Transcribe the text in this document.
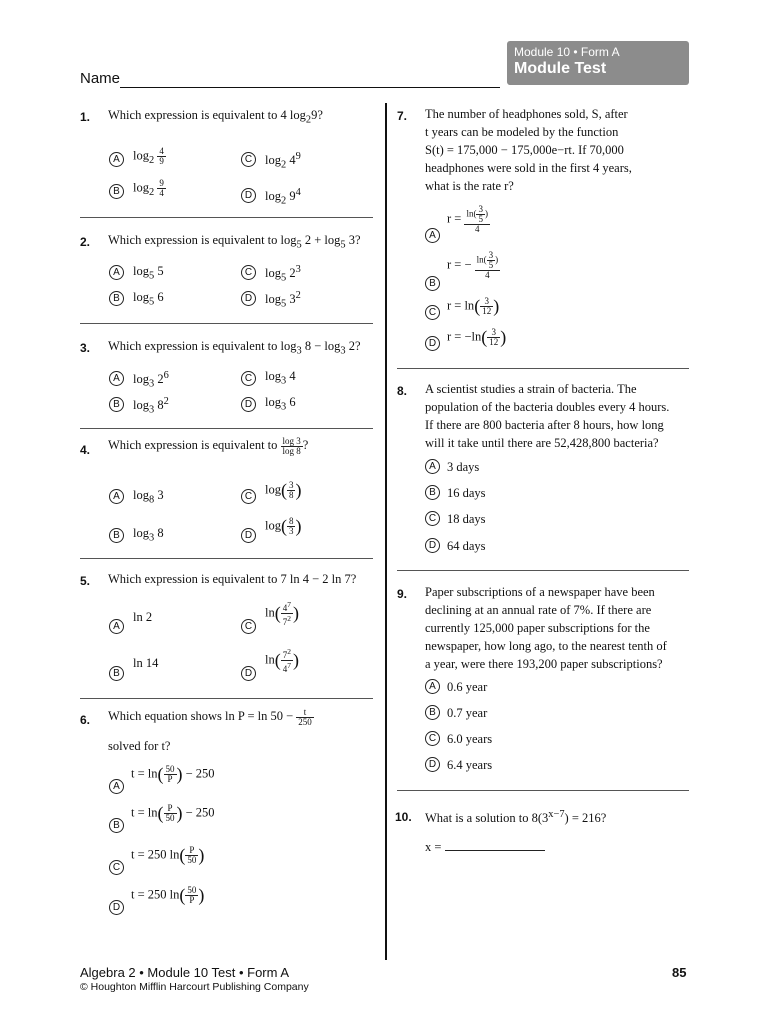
Module 10 • Form A
Module Test
Name
1. Which expression is equivalent to 4 $\log_29$?
A	$\log_2 \frac{4}{9}$
B	$\log_2 \frac{9}{4}$
C	$\log_2 4^9$
D	$\log_2 9^4$
2. Which expression is equivalent to $\log_5 2 + \log_5 3$?
A	$\log_5 5$
B	$\log_5 6$
C	$\log_5 2^3$
D	$\log_5 3^2$
3. Which expression is equivalent to $\log_3 8 - \log_3 2$?
A	$\log_3 2^6$
B	$\log_3 8^2$
C	$\log_3 4$
D	$\log_3 6$
4. Which expression is equivalent to $\frac{\log 3}{\log 8}$ ?
A	$\log_8 3$
B	$\log_3 8$
C
$\log( \frac{3}{8}$ )
D
$\log( \frac{8}{3}$ )
5. Which expression is equivalent to 7 ln 4 − 2 ln 7?
A
ln 2
B
ln 14
C
$\ln( \frac{4^7}{7^2}$ )
D
$\ln( \frac{7^2}{4^7}$ )
6. Which equation shows $\ln P = \ln 50 - \frac{t}{250}$
solved for t?
A
$t = \ln( \frac{50}{P}$ ) − 250
B
$t = \ln( \frac{P}{50}$ ) − 250
C
t = 250 $\ln( \frac{P}{50}$ )
D
t = 250 $\ln( \frac{50}{P}$ )
7. The number of headphones sold, S, after
t years can be modeled by the function
S(t) = 175,000 − 175,000e−rt. If 70,000
headphones were sold in the first 4 years,
what is the rate r?
A
$r = \frac{\ln( \frac{3}{5} )}{4}$
B
r = − $\frac{\ln( \frac{3}{5} )}{4}$
C
$r = \ln( \frac{3}{12}$ )
D
$r = -\ln( \frac{3}{12}$ )
8. A scientist studies a strain of bacteria. The
population of the bacteria doubles every 4 hours.
If there are 800 bacteria after 8 hours, how long
will it take until there are 52,428,800 bacteria?
A 3 days
B 16 days
C 18 days
D 64 days
9. Paper subscriptions of a newspaper have been
declining at an annual rate of 7%. If there are
currently 125,000 paper subscriptions for the
newspaper, how long ago, to the nearest tenth of
a year, were there 193,200 paper subscriptions?
A 0.6 year
B 0.7 year
C 6.0 years
D 6.4 years
10. What is a solution to $8(3^{x-7}) = 216$?
x =
Algebra 2 • Module 10 Test • Form A
© Houghton Mifflin Harcourt Publishing Company
85
